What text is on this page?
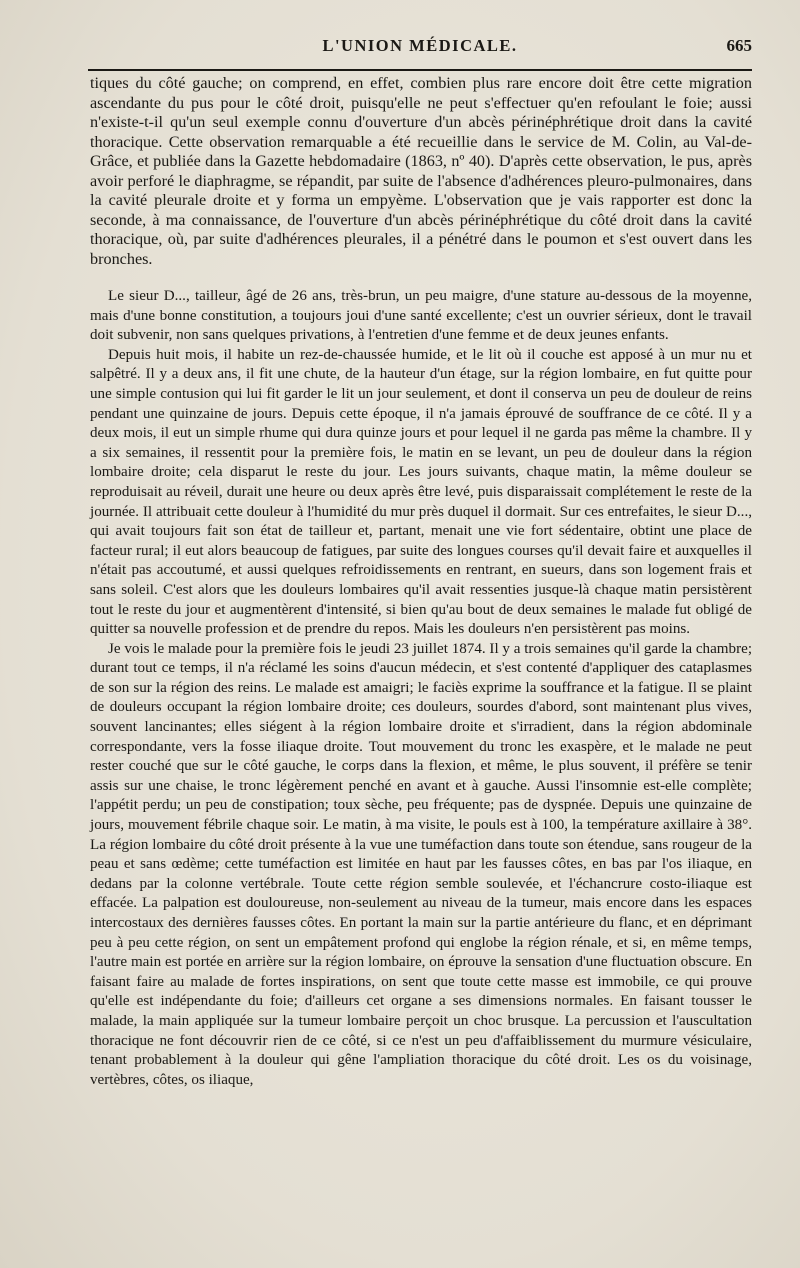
L'UNION MÉDICALE.	665

tiques du côté gauche; on comprend, en effet, combien plus rare encore doit être cette migration ascendante du pus pour le côté droit, puisqu'elle ne peut s'effectuer qu'en refoulant le foie; aussi n'existe-t-il qu'un seul exemple connu d'ouverture d'un abcès périnéphrétique droit dans la cavité thoracique. Cette observation remarquable a été recueillie dans le service de M. Colin, au Val-de-Grâce, et publiée dans la Gazette hebdomadaire (1863, nº 40). D'après cette observation, le pus, après avoir perforé le diaphragme, se répandit, par suite de l'absence d'adhérences pleuro-pulmonaires, dans la cavité pleurale droite et y forma un empyème. L'observation que je vais rapporter est donc la seconde, à ma connaissance, de l'ouverture d'un abcès périnéphrétique du côté droit dans la cavité thoracique, où, par suite d'adhérences pleurales, il a pénétré dans le poumon et s'est ouvert dans les bronches.

Le sieur D..., tailleur, âgé de 26 ans, très-brun, un peu maigre, d'une stature au-dessous de la moyenne, mais d'une bonne constitution, a toujours joui d'une santé excellente; c'est un ouvrier sérieux, dont le travail doit subvenir, non sans quelques privations, à l'entretien d'une femme et de deux jeunes enfants.

Depuis huit mois, il habite un rez-de-chaussée humide, et le lit où il couche est apposé à un mur nu et salpêtré. Il y a deux ans, il fit une chute, de la hauteur d'un étage, sur la région lombaire, en fut quitte pour une simple contusion qui lui fit garder le lit un jour seulement, et dont il conserva un peu de douleur de reins pendant une quinzaine de jours. Depuis cette époque, il n'a jamais éprouvé de souffrance de ce côté. Il y a deux mois, il eut un simple rhume qui dura quinze jours et pour lequel il ne garda pas même la chambre. Il y a six semaines, il ressentit pour la première fois, le matin en se levant, un peu de douleur dans la région lombaire droite; cela disparut le reste du jour. Les jours suivants, chaque matin, la même douleur se reproduisait au réveil, durait une heure ou deux après être levé, puis disparaissait complétement le reste de la journée. Il attribuait cette douleur à l'humidité du mur près duquel il dormait. Sur ces entrefaites, le sieur D..., qui avait toujours fait son état de tailleur et, partant, menait une vie fort sédentaire, obtint une place de facteur rural; il eut alors beaucoup de fatigues, par suite des longues courses qu'il devait faire et auxquelles il n'était pas accoutumé, et aussi quelques refroidissements en rentrant, en sueurs, dans son logement frais et sans soleil. C'est alors que les douleurs lombaires qu'il avait ressenties jusque-là chaque matin persistèrent tout le reste du jour et augmentèrent d'intensité, si bien qu'au bout de deux semaines le malade fut obligé de quitter sa nouvelle profession et de prendre du repos. Mais les douleurs n'en persistèrent pas moins.

Je vois le malade pour la première fois le jeudi 23 juillet 1874. Il y a trois semaines qu'il garde la chambre; durant tout ce temps, il n'a réclamé les soins d'aucun médecin, et s'est contenté d'appliquer des cataplasmes de son sur la région des reins. Le malade est amaigri; le faciès exprime la souffrance et la fatigue. Il se plaint de douleurs occupant la région lombaire droite; ces douleurs, sourdes d'abord, sont maintenant plus vives, souvent lancinantes; elles siégent à la région lombaire droite et s'irradient, dans la région abdominale correspondante, vers la fosse iliaque droite. Tout mouvement du tronc les exaspère, et le malade ne peut rester couché que sur le côté gauche, le corps dans la flexion, et même, le plus souvent, il préfère se tenir assis sur une chaise, le tronc légèrement penché en avant et à gauche. Aussi l'insomnie est-elle complète; l'appétit perdu; un peu de constipation; toux sèche, peu fréquente; pas de dyspnée. Depuis une quinzaine de jours, mouvement fébrile chaque soir. Le matin, à ma visite, le pouls est à 100, la température axillaire à 38°. La région lombaire du côté droit présente à la vue une tuméfaction dans toute son étendue, sans rougeur de la peau et sans œdème; cette tuméfaction est limitée en haut par les fausses côtes, en bas par l'os iliaque, en dedans par la colonne vertébrale. Toute cette région semble soulevée, et l'échancrure costo-iliaque est effacée. La palpation est douloureuse, non-seulement au niveau de la tumeur, mais encore dans les espaces intercostaux des dernières fausses côtes. En portant la main sur la partie antérieure du flanc, et en déprimant peu à peu cette région, on sent un empâtement profond qui englobe la région rénale, et si, en même temps, l'autre main est portée en arrière sur la région lombaire, on éprouve la sensation d'une fluctuation obscure. En faisant faire au malade de fortes inspirations, on sent que toute cette masse est immobile, ce qui prouve qu'elle est indépendante du foie; d'ailleurs cet organe a ses dimensions normales. En faisant tousser le malade, la main appliquée sur la tumeur lombaire perçoit un choc brusque. La percussion et l'auscultation thoracique ne font découvrir rien de ce côté, si ce n'est un peu d'affaiblissement du murmure vésiculaire, tenant probablement à la douleur qui gêne l'ampliation thoracique du côté droit. Les os du voisinage, vertèbres, côtes, os iliaque,
